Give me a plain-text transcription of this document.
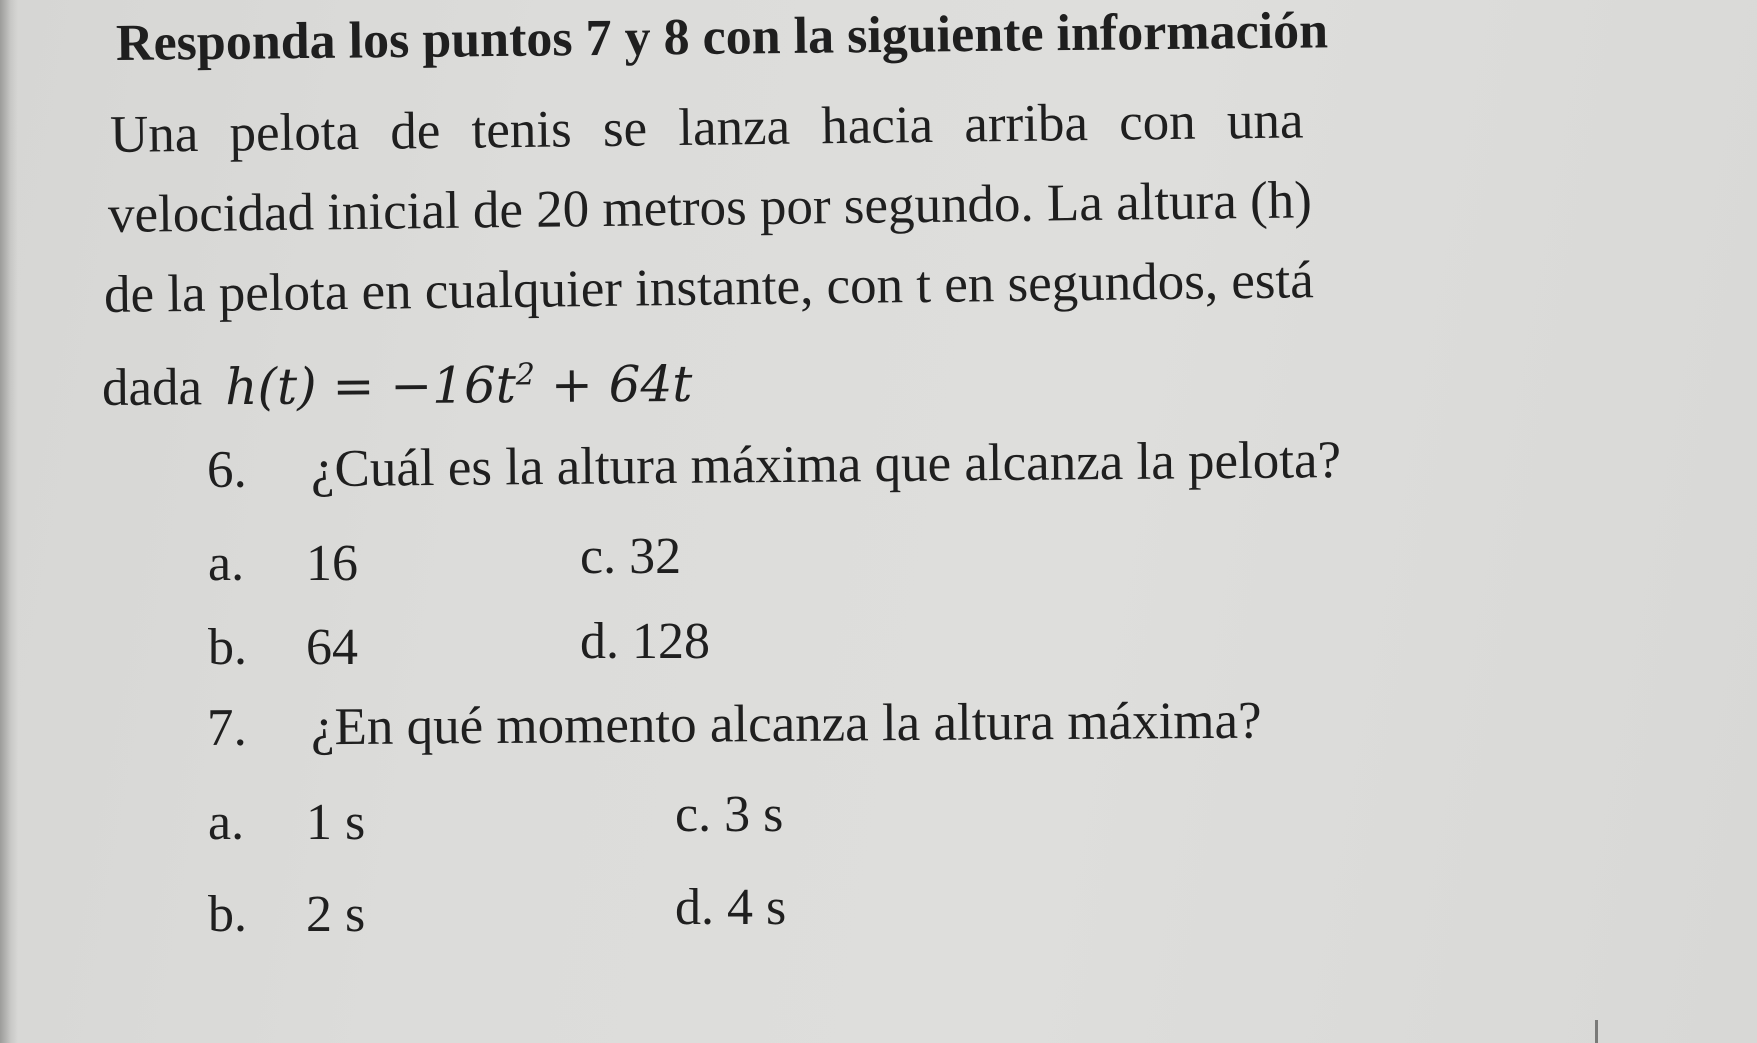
Responda los puntos 7 y 8 con la siguiente información
Una pelota de tenis se lanza hacia arriba con una
velocidad inicial de 20 metros por segundo. La altura (h)
de la pelota en cualquier instante, con t en segundos, está
dada $h(t) = -16t^2 + 64t$
6. ¿Cuál es la altura máxima que alcanza la pelota?
a. 16	c. 32
b. 64	d. 128
7. ¿En qué momento alcanza la altura máxima?
a. 1 s	c. 3 s
b. 2 s	d. 4 s
